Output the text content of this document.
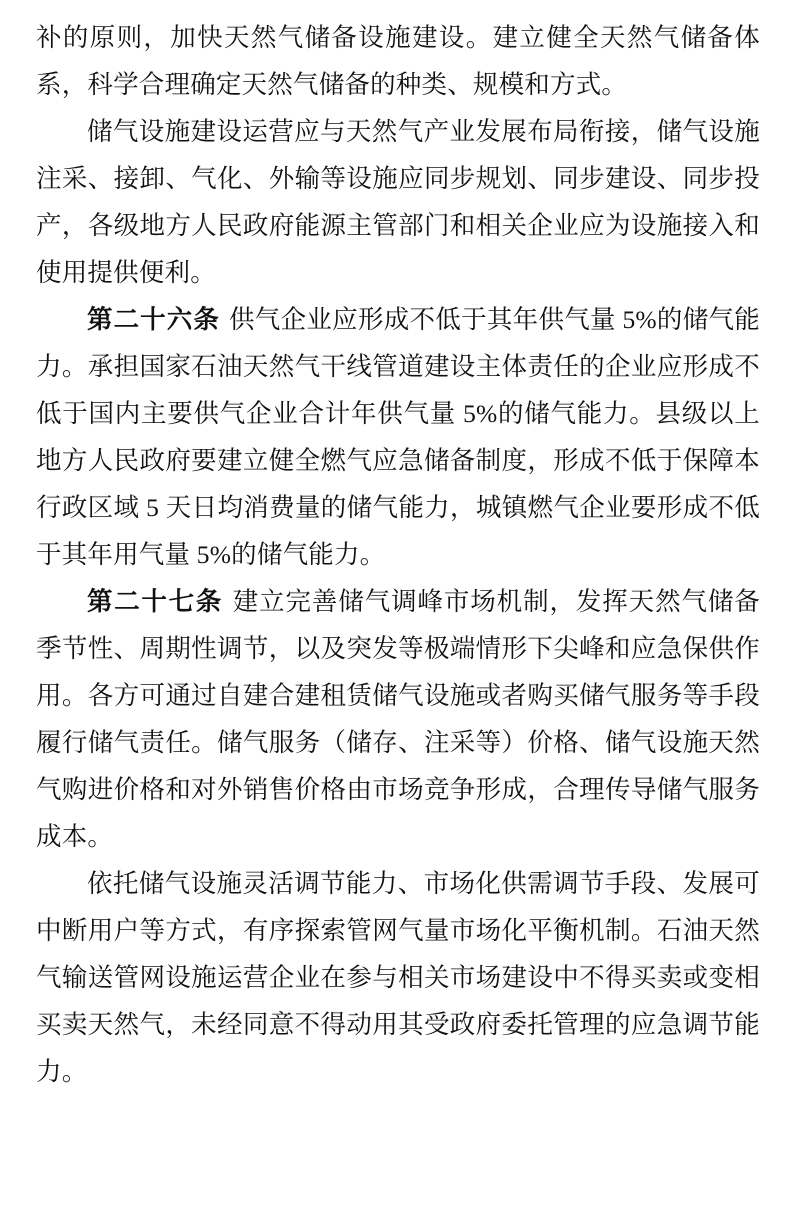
补的原则，加快天然气储备设施建设。建立健全天然气储备体系，科学合理确定天然气储备的种类、规模和方式。

储气设施建设运营应与天然气产业发展布局衔接，储气设施注采、接卸、气化、外输等设施应同步规划、同步建设、同步投产，各级地方人民政府能源主管部门和相关企业应为设施接入和使用提供便利。

第二十六条 供气企业应形成不低于其年供气量 5%的储气能力。承担国家石油天然气干线管道建设主体责任的企业应形成不低于国内主要供气企业合计年供气量 5%的储气能力。县级以上地方人民政府要建立健全燃气应急储备制度，形成不低于保障本行政区域 5 天日均消费量的储气能力，城镇燃气企业要形成不低于其年用气量 5%的储气能力。

第二十七条 建立完善储气调峰市场机制，发挥天然气储备季节性、周期性调节，以及突发等极端情形下尖峰和应急保供作用。各方可通过自建合建租赁储气设施或者购买储气服务等手段履行储气责任。储气服务（储存、注采等）价格、储气设施天然气购进价格和对外销售价格由市场竞争形成，合理传导储气服务成本。

依托储气设施灵活调节能力、市场化供需调节手段、发展可中断用户等方式，有序探索管网气量市场化平衡机制。石油天然气输送管网设施运营企业在参与相关市场建设中不得买卖或变相买卖天然气，未经同意不得动用其受政府委托管理的应急调节能力。
